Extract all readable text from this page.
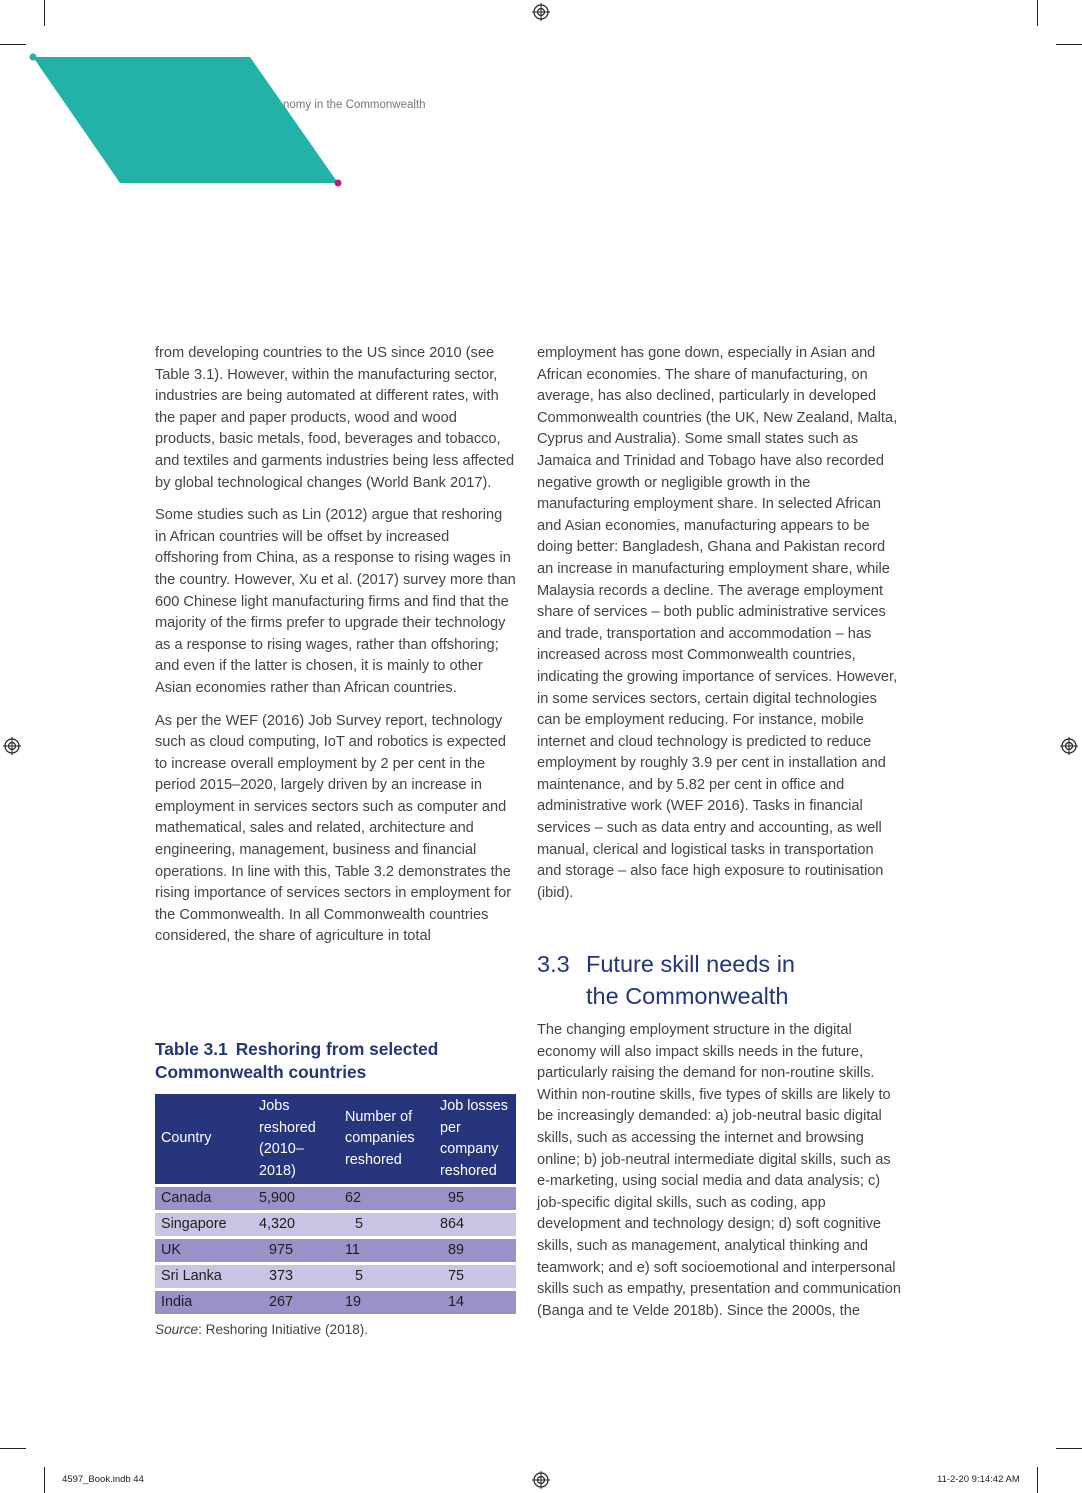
nomy in the Commonwealth

from developing countries to the US since 2010 (see Table 3.1). However, within the manufacturing sector, industries are being automated at different rates, with the paper and paper products, wood and wood products, basic metals, food, beverages and tobacco, and textiles and garments industries being less affected by global technological changes (World Bank 2017).

Some studies such as Lin (2012) argue that reshoring in African countries will be offset by increased offshoring from China, as a response to rising wages in the country. However, Xu et al. (2017) survey more than 600 Chinese light manufacturing firms and find that the majority of the firms prefer to upgrade their technology as a response to rising wages, rather than offshoring; and even if the latter is chosen, it is mainly to other Asian economies rather than African countries.

As per the WEF (2016) Job Survey report, technology such as cloud computing, IoT and robotics is expected to increase overall employment by 2 per cent in the period 2015–2020, largely driven by an increase in employment in services sectors such as computer and mathematical, sales and related, architecture and engineering, management, business and financial operations. In line with this, Table 3.2 demonstrates the rising importance of services sectors in employment for the Commonwealth. In all Commonwealth countries considered, the share of agriculture in total

employment has gone down, especially in Asian and African economies. The share of manufacturing, on average, has also declined, particularly in developed Commonwealth countries (the UK, New Zealand, Malta, Cyprus and Australia). Some small states such as Jamaica and Trinidad and Tobago have also recorded negative growth or negligible growth in the manufacturing employment share. In selected African and Asian economies, manufacturing appears to be doing better: Bangladesh, Ghana and Pakistan record an increase in manufacturing employment share, while Malaysia records a decline. The average employment share of services – both public administrative services and trade, transportation and accommodation – has increased across most Commonwealth countries, indicating the growing importance of services. However, in some services sectors, certain digital technologies can be employment reducing. For instance, mobile internet and cloud technology is predicted to reduce employment by roughly 3.9 per cent in installation and maintenance, and by 5.82 per cent in office and administrative work (WEF 2016). Tasks in financial services – such as data entry and accounting, as well manual, clerical and logistical tasks in transportation and storage – also face high exposure to routinisation (ibid).

3.3 Future skill needs in
the Commonwealth

The changing employment structure in the digital economy will also impact skills needs in the future, particularly raising the demand for non-routine skills. Within non-routine skills, five types of skills are likely to be increasingly demanded: a) job-neutral basic digital skills, such as accessing the internet and browsing online; b) job-neutral intermediate digital skills, such as e-marketing, using social media and data analysis; c) job-specific digital skills, such as coding, app development and technology design; d) soft cognitive skills, such as management, analytical thinking and teamwork; and e) soft socioemotional and interpersonal skills such as empathy, presentation and communication (Banga and te Velde 2018b). Since the 2000s, the

Table 3.1 Reshoring from selected Commonwealth countries
Country	Jobs reshored (2010–2018)	Number of companies reshored	Job losses per company reshored
Canada	5,900	62	95
Singapore	4,320	5	864
UK	975	11	89
Sri Lanka	373	5	75
India	267	19	14
Source: Reshoring Initiative (2018).
4597_Book.indb 44	11-2-20 9:14:42 AM
